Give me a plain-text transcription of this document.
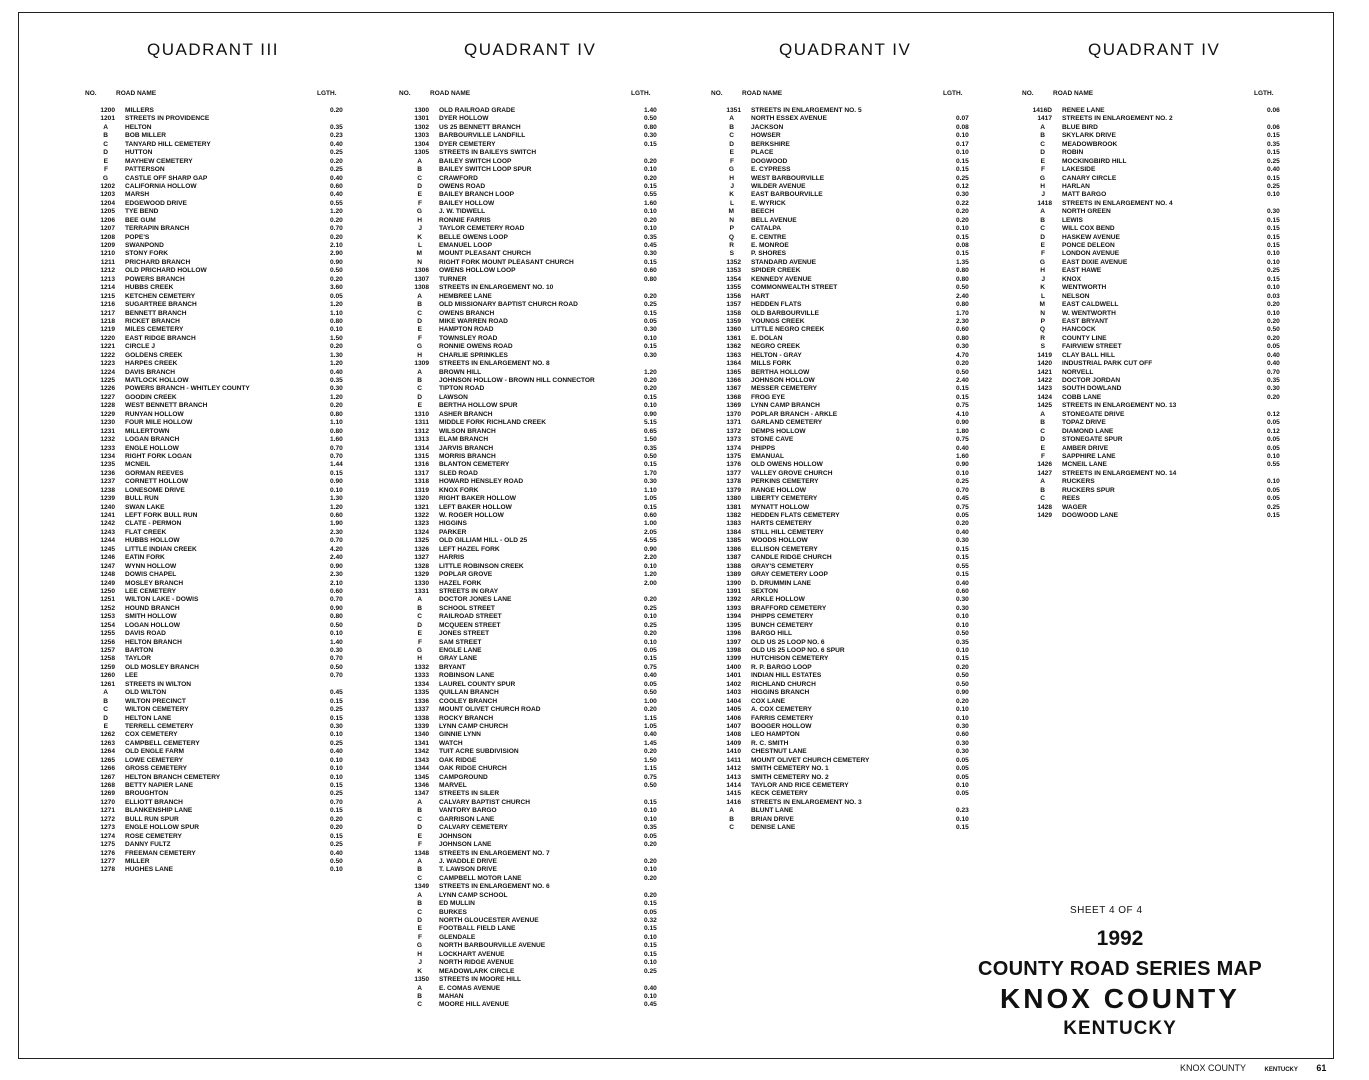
QUADRANT III
NO.	ROAD NAME	LGTH.
1200 MILLERS	0.20
1201 STREETS IN PROVIDENCE
A	HELTON	0.35
B	BOB MILLER	0.23
C	TANYARD HILL CEMETERY	0.40
D	HUTTON	0.25
E	MAYHEW CEMETERY	0.20
F	PATTERSON	0.25
G	CASTLE OFF SHARP GAP	0.40
1202 CALIFORNIA HOLLOW	0.60
1203 MARSH	0.40
1204 EDGEWOOD DRIVE	0.55
1205 TYE BEND	1.20
1206 BEE GUM	0.20
1207 TERRAPIN BRANCH	0.70
1208 POPE'S	0.20
1209 SWANPOND	2.10
1210 STONY FORK	2.90
1211 PRICHARD BRANCH	0.90
1212 OLD PRICHARD HOLLOW	0.50
1213 POWERS BRANCH	0.20
1214 HUBBS CREEK	3.60
1215 KETCHEN CEMETERY	0.05
1216 SUGARTREE BRANCH	1.20
1217 BENNETT BRANCH	1.10
1218 RICKET BRANCH	0.80
1219 MILES CEMETERY	0.10
1220 EAST RIDGE BRANCH	1.50
1221 CIRCLE J	0.20
1222 GOLDENS CREEK	1.30
1223 HARPES CREEK	1.20
1224 DAVIS BRANCH	0.40
1225 MATLOCK HOLLOW	0.35
1226 POWERS BRANCH - WHITLEY COUNTY	0.30
1227 GOODIN CREEK	1.20
1228 WEST BENNETT BRANCH	0.20
1229 RUNYAN HOLLOW	0.80
1230 FOUR MILE HOLLOW	1.10
1231 MILLERTOWN	0.80
1232 LOGAN BRANCH	1.60
1233 ENGLE HOLLOW	0.70
1234 RIGHT FORK LOGAN	0.70
1235 MCNEIL	1.44
1236 GORMAN REEVES	0.15
1237 CORNETT HOLLOW	0.90
1238 LONESOME DRIVE	0.10
1239 BULL RUN	1.30
1240 SWAN LAKE	1.20
1241 LEFT FORK BULL RUN	0.60
1242 CLATE - PERMON	1.90
1243 FLAT CREEK	2.30
1244 HUBBS HOLLOW	0.70
1245 LITTLE INDIAN CREEK	4.20
1246 EATIN FORK	2.40
1247 WYNN HOLLOW	0.90
1248 DOWIS CHAPEL	2.30
1249 MOSLEY BRANCH	2.10
1250 LEE CEMETERY	0.60
1251 WILTON LAKE - DOWIS	0.70
1252 HOUND BRANCH	0.90
1253 SMITH HOLLOW	0.80
1254 LOGAN HOLLOW	0.50
1255 DAVIS ROAD	0.10
1256 HELTON BRANCH	1.40
1257 BARTON	0.30
1258 TAYLOR	0.70
1259 OLD MOSLEY BRANCH	0.50
1260 LEE	0.70
1261 STREETS IN WILTON
A	OLD WILTON	0.45
B	WILTON PRECINCT	0.15
C	WILTON CEMETERY	0.25
D	HELTON LANE	0.15
E	TERRELL CEMETERY	0.30
1262 COX CEMETERY	0.10
1263 CAMPBELL CEMETERY	0.25
1264 OLD ENGLE FARM	0.40
1265 LOWE CEMETERY	0.10
1266 GROSS CEMETERY	0.10
1267 HELTON BRANCH CEMETERY	0.10
1268 BETTY NAPIER LANE	0.15
1269 BROUGHTON	0.25
1270 ELLIOTT BRANCH	0.70
1271 BLANKENSHIP LANE	0.15
1272 BULL RUN SPUR	0.20
1273 ENGLE HOLLOW SPUR	0.20
1274 ROSE CEMETERY	0.15
1275 DANNY FULTZ	0.25
1276 FREEMAN CEMETERY	0.40
1277 MILLER	0.50
1278 HUGHES LANE	0.10
QUADRANT IV
NO.	ROAD NAME	LGTH.
1300 OLD RAILROAD GRADE	1.40
1301 DYER HOLLOW	0.50
1302 US 25 BENNETT BRANCH	0.80
1303 BARBOURVILLE LANDFILL	0.30
1304 DYER CEMETERY	0.15
1305 STREETS IN BAILEYS SWITCH
A	BAILEY SWITCH LOOP	0.20
B	BAILEY SWITCH LOOP SPUR	0.10
C	CRAWFORD	0.20
D	OWENS ROAD	0.15
E	BAILEY BRANCH LOOP	0.55
F	BAILEY HOLLOW	1.60
G	J. W. TIDWELL	0.10
H	RONNIE FARRIS	0.20
J	TAYLOR CEMETERY ROAD	0.10
K	BELLE OWENS LOOP	0.35
L	EMANUEL LOOP	0.45
M	MOUNT PLEASANT CHURCH	0.30
N	RIGHT FORK MOUNT PLEASANT CHURCH	0.15
1306 OWENS HOLLOW LOOP	0.60
1307 TURNER	0.80
1308 STREETS IN ENLARGEMENT NO. 10
A	HEMBREE LANE	0.20
B	OLD MISSIONARY BAPTIST CHURCH ROAD	0.25
C	OWENS BRANCH	0.15
D	MIKE WARREN ROAD	0.05
E	HAMPTON ROAD	0.30
F	TOWNSLEY ROAD	0.10
G	RONNIE OWENS ROAD	0.15
H	CHARLIE SPRINKLES	0.30
1309 STREETS IN ENLARGEMENT NO. 8
A	BROWN HILL	1.20
B	JOHNSON HOLLOW - BROWN HILL CONNECTOR	0.20
C	TIPTON ROAD	0.20
D	LAWSON	0.15
E	BERTHA HOLLOW SPUR	0.10
1310 ASHER BRANCH	0.90
1311 MIDDLE FORK RICHLAND CREEK	5.15
1312 WILSON BRANCH	0.65
1313 ELAM BRANCH	1.50
1314 JARVIS BRANCH	0.35
1315 MORRIS BRANCH	0.50
1316 BLANTON CEMETERY	0.15
1317 SLED ROAD	1.70
1318 HOWARD HENSLEY ROAD	0.30
1319 KNOX FORK	1.10
1320 RIGHT BAKER HOLLOW	1.05
1321 LEFT BAKER HOLLOW	0.15
1322 W. ROGER HOLLOW	0.60
1323 HIGGINS	1.00
1324 PARKER	2.05
1325 OLD GILLIAM HILL - OLD 25	4.55
1326 LEFT HAZEL FORK	0.90
1327 HARRIS	2.20
1328 LITTLE ROBINSON CREEK	0.10
1329 POPLAR GROVE	1.20
1330 HAZEL FORK	2.00
1331 STREETS IN GRAY
A	DOCTOR JONES LANE	0.20
B	SCHOOL STREET	0.25
C	RAILROAD STREET	0.10
D	MCQUEEN STREET	0.25
E	JONES STREET	0.20
F	SAM STREET	0.10
G	ENGLE LANE	0.05
H	GRAY LANE	0.15
1332 BRYANT	0.75
1333 ROBINSON LANE	0.40
1334 LAUREL COUNTY SPUR	0.05
1335 QUILLAN BRANCH	0.50
1336 COOLEY BRANCH	1.00
1337 MOUNT OLIVET CHURCH ROAD	0.20
1338 ROCKY BRANCH	1.15
1339 LYNN CAMP CHURCH	1.05
1340 GINNIE LYNN	0.40
1341 WATCH	1.45
1342 TUIT ACRE SUBDIVISION	0.20
1343 OAK RIDGE	1.50
1344 OAK RIDGE CHURCH	1.15
1345 CAMPGROUND	0.75
1346 MARVEL	0.50
1347 STREETS IN SILER
A	CALVARY BAPTIST CHURCH	0.15
B	VANTORY BARGO	0.10
C	GARRISON LANE	0.10
D	CALVARY CEMETERY	0.35
E	JOHNSON	0.05
F	JOHNSON LANE	0.20
1348 STREETS IN ENLARGEMENT NO. 7
A	J. WADDLE DRIVE	0.20
B	T. LAWSON DRIVE	0.10
C	CAMPBELL MOTOR LANE	0.20
1349 STREETS IN ENLARGEMENT NO. 6
A	LYNN CAMP SCHOOL	0.20
B	ED MULLIN	0.15
C	BURKES	0.05
D	NORTH GLOUCESTER AVENUE	0.32
E	FOOTBALL FIELD LANE	0.15
F	GLENDALE	0.10
G	NORTH BARBOURVILLE AVENUE	0.15
H	LOCKHART AVENUE	0.15
J	NORTH RIDGE AVENUE	0.10
K	MEADOWLARK CIRCLE	0.25
1350 STREETS IN MOORE HILL
A	E. COMAS AVENUE	0.40
B	MAHAN	0.10
C	MOORE HILL AVENUE	0.45
QUADRANT IV
NO.	ROAD NAME	LGTH.
1351 STREETS IN ENLARGEMENT NO. 5
A	NORTH ESSEX AVENUE	0.07
B	JACKSON	0.08
C	HOWSER	0.10
D	BERKSHIRE	0.17
E	PLACE	0.10
F	DOGWOOD	0.15
G	E. CYPRESS	0.15
H	WEST BARBOURVILLE	0.25
J	WILDER AVENUE	0.12
K	EAST BARBOURVILLE	0.30
L	E. WYRICK	0.22
M	BEECH	0.20
N	BELL AVENUE	0.20
P	CATALPA	0.10
Q	E. CENTRE	0.15
R	E. MONROE	0.08
S	P. SHORES	0.15
1352 STANDARD AVENUE	1.35
1353 SPIDER CREEK	0.80
1354 KENNEDY AVENUE	0.80
1355 COMMONWEALTH STREET	0.50
1356 HART	2.40
1357 HEDDEN FLATS	0.80
1358 OLD BARBOURVILLE	1.70
1359 YOUNGS CREEK	2.30
1360 LITTLE NEGRO CREEK	0.60
1361 E. DOLAN	0.80
1362 NEGRO CREEK	0.30
1363 HELTON - GRAY	4.70
1364 MILLS FORK	0.20
1365 BERTHA HOLLOW	0.50
1366 JOHNSON HOLLOW	2.40
1367 MESSER CEMETERY	0.15
1368 FROG EYE	0.15
1369 LYNN CAMP BRANCH	0.75
1370 POPLAR BRANCH - ARKLE	4.10
1371 GARLAND CEMETERY	0.90
1372 DEMPS HOLLOW	1.80
1373 STONE CAVE	0.75
1374 PHIPPS	0.40
1375 EMANUAL	1.60
1376 OLD OWENS HOLLOW	0.90
1377 VALLEY GROVE CHURCH	0.10
1378 PERKINS CEMETERY	0.25
1379 RANGE HOLLOW	0.70
1380 LIBERTY CEMETERY	0.45
1381 MYNATT HOLLOW	0.75
1382 HEDDEN FLATS CEMETERY	0.05
1383 HARTS CEMETERY	0.20
1384 STILL HILL CEMETERY	0.40
1385 WOODS HOLLOW	0.30
1386 ELLISON CEMETERY	0.15
1387 CANDLE RIDGE CHURCH	0.15
1388 GRAY'S CEMETERY	0.55
1389 GRAY CEMETERY LOOP	0.15
1390 D. DRUMMIN LANE	0.40
1391 SEXTON	0.60
1392 ARKLE HOLLOW	0.30
1393 BRAFFORD CEMETERY	0.30
1394 PHIPPS CEMETERY	0.10
1395 BUNCH CEMETERY	0.10
1396 BARGO HILL	0.50
1397 OLD US 25 LOOP NO. 6	0.35
1398 OLD US 25 LOOP NO. 6 SPUR	0.10
1399 HUTCHISON CEMETERY	0.15
1400 R. P. BARGO LOOP	0.20
1401 INDIAN HILL ESTATES	0.50
1402 RICHLAND CHURCH	0.50
1403 HIGGINS BRANCH	0.90
1404 COX LANE	0.20
1405 A. COX CEMETERY	0.10
1406 FARRIS CEMETERY	0.10
1407 BOOGER HOLLOW	0.30
1408 LEO HAMPTON	0.60
1409 R. C. SMITH	0.30
1410 CHESTNUT LANE	0.30
1411 MOUNT OLIVET CHURCH CEMETERY	0.05
1412 SMITH CEMETERY NO. 1	0.05
1413 SMITH CEMETERY NO. 2	0.05
1414 TAYLOR AND RICE CEMETERY	0.10
1415 KECK CEMETERY	0.05
1416 STREETS IN ENLARGEMENT NO. 3
A	BLUNT LANE	0.23
B	BRIAN DRIVE	0.10
C	DENISE LANE	0.15
QUADRANT IV
NO.	ROAD NAME	LGTH.
1416D RENEE LANE	0.06
1417 STREETS IN ENLARGEMENT NO. 2
A	BLUE BIRD	0.06
B	SKYLARK DRIVE	0.15
C	MEADOWBROOK	0.35
D	ROBIN	0.15
E	MOCKINGBIRD HILL	0.25
F	LAKESIDE	0.40
G	CANARY CIRCLE	0.15
H	HARLAN	0.25
J	MATT BARGO	0.10
1418 STREETS IN ENLARGEMENT NO. 4
A	NORTH GREEN	0.30
B	LEWIS	0.15
C	WILL COX BEND	0.15
D	HASKEW AVENUE	0.15
E	PONCE DELEON	0.15
F	LONDON AVENUE	0.10
G	EAST DIXIE AVENUE	0.10
H	EAST HAWE	0.25
J	KNOX	0.15
K	WENTWORTH	0.10
L	NELSON	0.03
M	EAST CALDWELL	0.20
N	W. WENTWORTH	0.10
P	EAST BRYANT	0.20
Q	HANCOCK	0.50
R	COUNTY LINE	0.20
S	FAIRVIEW STREET	0.05
1419 CLAY BALL HILL	0.40
1420 INDUSTRIAL PARK CUT OFF	0.40
1421 NORVELL	0.70
1422 DOCTOR JORDAN	0.35
1423 SOUTH DOWLAND	0.30
1424 COBB LANE	0.20
1425 STREETS IN ENLARGEMENT NO. 13
A	STONEGATE DRIVE	0.12
B	TOPAZ DRIVE	0.05
C	DIAMOND LANE	0.12
D	STONEGATE SPUR	0.05
E	AMBER DRIVE	0.05
F	SAPPHIRE LANE	0.10
1426 MCNEIL LANE	0.55
1427 STREETS IN ENLARGEMENT NO. 14
A	RUCKERS	0.10
B	RUCKERS SPUR	0.05
C	REES	0.05
1428 WAGER	0.25
1429 DOGWOOD LANE	0.15
SHEET 4 OF 4
1992
COUNTY ROAD SERIES MAP
KNOX COUNTY
KENTUCKY
KNOX COUNTY	KENTUCKY 61
